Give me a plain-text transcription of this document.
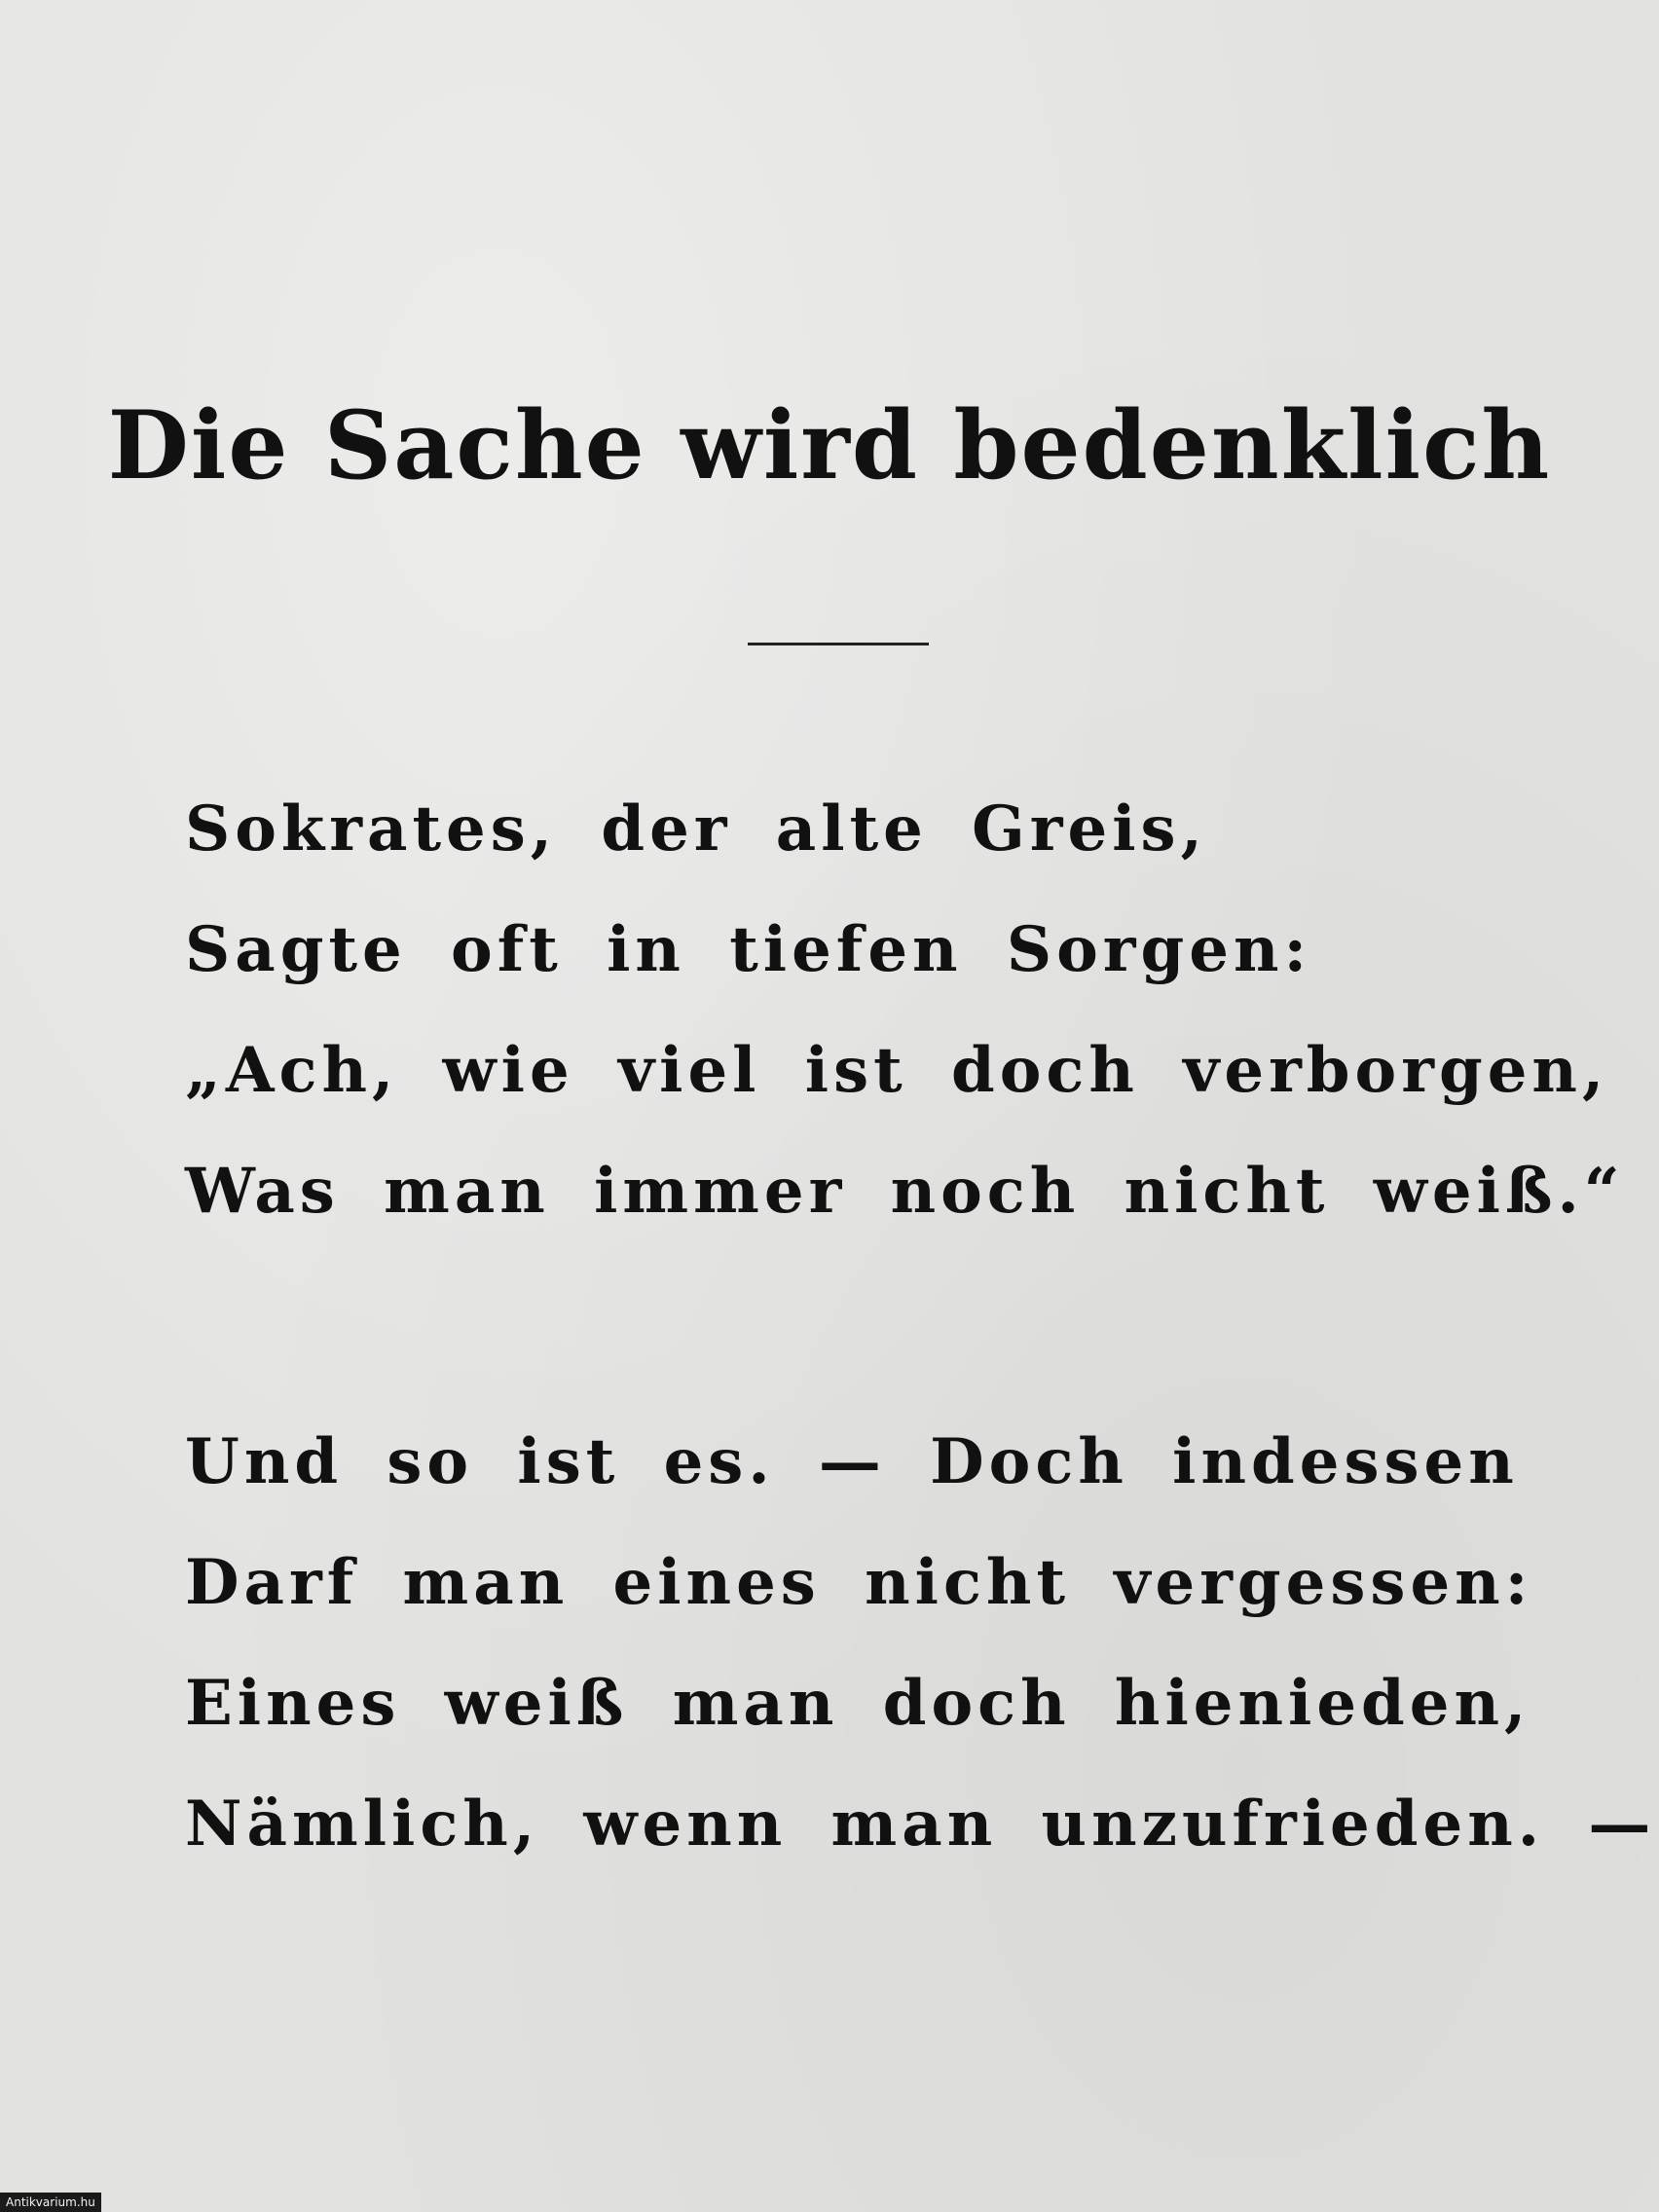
Die Sache wird bedenklich
Sokrates, der alte Greis,
Sagte oft in tiefen Sorgen:
„Ach, wie viel ist doch verborgen,
Was man immer noch nicht weiß.“
Und so ist es. — Doch indessen
Darf man eines nicht vergessen:
Eines weiß man doch hienieden,
Nämlich, wenn man unzufrieden. —
Antikvarium.hu
